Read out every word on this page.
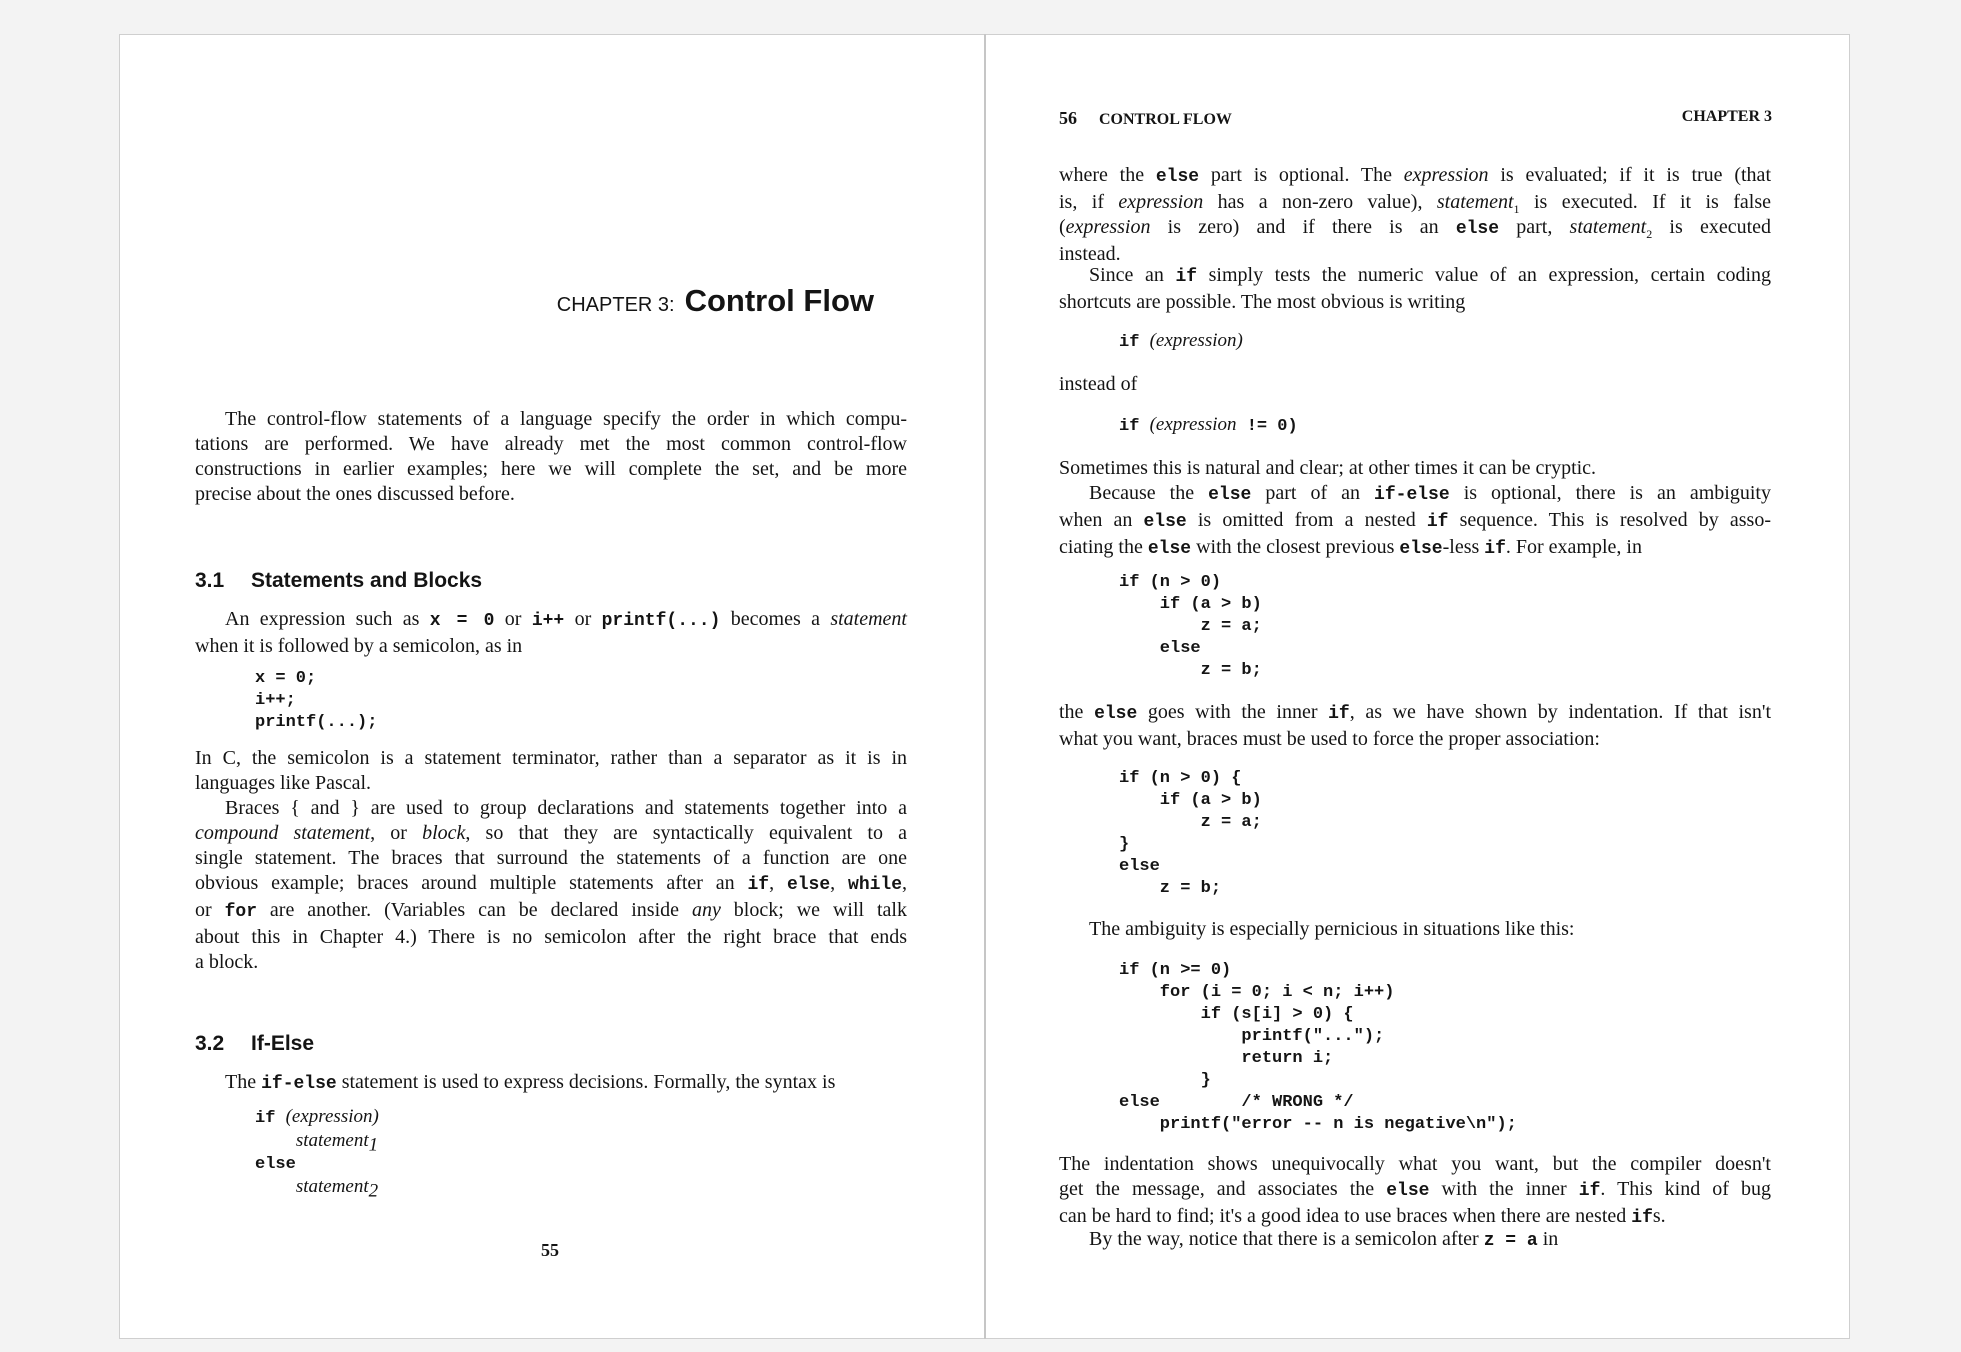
CHAPTER 3: Control Flow
The control-flow statements of a language specify the order in which compu-
tations are performed. We have already met the most common control-flow
constructions in earlier examples; here we will complete the set, and be more
precise about the ones discussed before.
3.1 Statements and Blocks
An expression such as x = 0 or i++ or printf(...) becomes a statement
when it is followed by a semicolon, as in
x = 0;
i++;
printf(...);
In C, the semicolon is a statement terminator, rather than a separator as it is in
languages like Pascal.
Braces { and } are used to group declarations and statements together into a
compound statement, or block, so that they are syntactically equivalent to a
single statement. The braces that surround the statements of a function are one
obvious example; braces around multiple statements after an if, else, while,
or for are another. (Variables can be declared inside any block; we will talk
about this in Chapter 4.) There is no semicolon after the right brace that ends
a block.
3.2 If-Else
The if-else statement is used to express decisions. Formally, the syntax is
if (expression)
statement$_1$
else
statement$_2$
55
56 CONTROL FLOW	CHAPTER 3
where the else part is optional. The expression is evaluated; if it is true (that
is, if expression has a non-zero value), statement$_1$ is executed. If it is false
(expression is zero) and if there is an else part, statement$_2$ is executed
instead.
Since an if simply tests the numeric value of an expression, certain coding
shortcuts are possible. The most obvious is writing
if (expression)
instead of
if (expression != 0)
Sometimes this is natural and clear; at other times it can be cryptic.
Because the else part of an if-else is optional, there is an ambiguity
when an else is omitted from a nested if sequence. This is resolved by asso-
ciating the else with the closest previous else-less if. For example, in
if (n > 0)
if (a > b)
z = a;
else
z = b;
the else goes with the inner if, as we have shown by indentation. If that isn't
what you want, braces must be used to force the proper association:
if (n > 0) {
if (a > b)
z = a;
}
else
z = b;
The ambiguity is especially pernicious in situations like this:
if (n >= 0)
for (i = 0; i < n; i++)
if (s[i] > 0) {
printf("...");
return i;
}
else        /* WRONG */
printf("error -- n is negative\n");
The indentation shows unequivocally what you want, but the compiler doesn't
get the message, and associates the else with the inner if. This kind of bug
can be hard to find; it's a good idea to use braces when there are nested ifs.
By the way, notice that there is a semicolon after z = a in
